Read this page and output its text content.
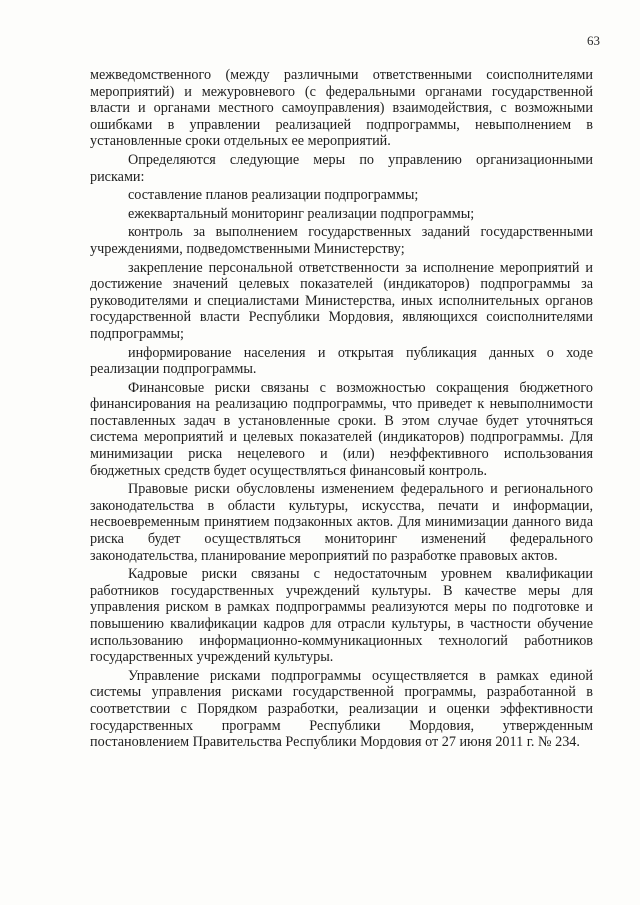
63

межведомственного (между различными ответственными соисполнителями мероприятий) и межуровневого (с федеральными органами государственной власти и органами местного самоуправления) взаимодействия, с возможными ошибками в управлении реализацией подпрограммы, невыполнением в установленные сроки отдельных ее мероприятий.

Определяются следующие меры по управлению организационными рисками:

составление планов реализации подпрограммы;

ежеквартальный мониторинг реализации подпрограммы;

контроль за выполнением государственных заданий государственными учреждениями, подведомственными Министерству;

закрепление персональной ответственности за исполнение мероприятий и достижение значений целевых показателей (индикаторов) подпрограммы за руководителями и специалистами Министерства, иных исполнительных органов государственной власти Республики Мордовия, являющихся соисполнителями подпрограммы;

информирование населения и открытая публикация данных о ходе реализации подпрограммы.

Финансовые риски связаны с возможностью сокращения бюджетного финансирования на реализацию подпрограммы, что приведет к невыполнимости поставленных задач в установленные сроки. В этом случае будет уточняться система мероприятий и целевых показателей (индикаторов) подпрограммы. Для минимизации риска нецелевого и (или) неэффективного использования бюджетных средств будет осуществляться финансовый контроль.

Правовые риски обусловлены изменением федерального и регионального законодательства в области культуры, искусства, печати и информации, несвоевременным принятием подзаконных актов. Для минимизации данного вида риска будет осуществляться мониторинг изменений федерального законодательства, планирование мероприятий по разработке правовых актов.

Кадровые риски связаны с недостаточным уровнем квалификации работников государственных учреждений культуры. В качестве меры для управления риском в рамках подпрограммы реализуются меры по подготовке и повышению квалификации кадров для отрасли культуры, в частности обучение использованию информационно-коммуникационных технологий работников государственных учреждений культуры.

Управление рисками подпрограммы осуществляется в рамках единой системы управления рисками государственной программы, разработанной в соответствии с Порядком разработки, реализации и оценки эффективности государственных программ Республики Мордовия, утвержденным постановлением Правительства Республики Мордовия от 27 июня 2011 г. № 234.
